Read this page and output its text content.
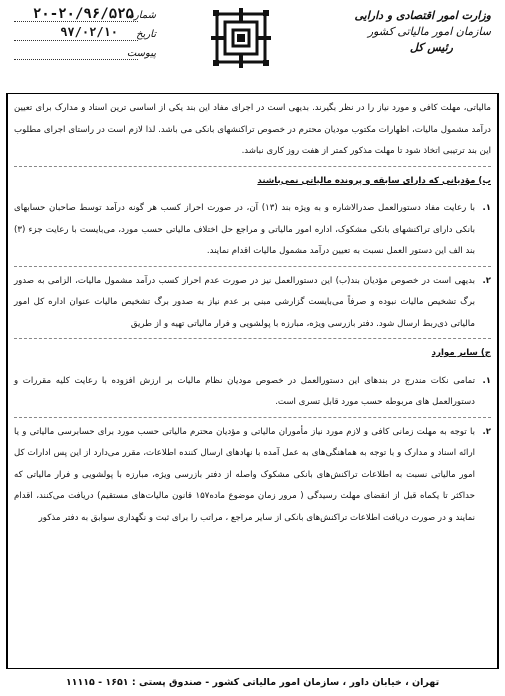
وزارت امور اقتصادی و دارایی
سازمان امور مالیاتی کشور
رئیس کل
شماره
۲۰-۲۰/۹۶/۵۲۵
تاریخ
۹۷/۰۲/۱۰
پیوست

مالیاتی، مهلت کافی و مورد نیاز را در نظر بگیرند. بدیهی است در اجرای مفاد این بند یکی از اساسی ترین اسناد و مدارک برای تعیین درآمد مشمول مالیات، اظهارات مکتوب مودیان محترم در خصوص تراکنشهای بانکی می باشد. لذا لازم است در راستای اجرای مطلوب این بند ترتیبی اتخاذ شود تا مهلت مذکور کمتر از هفت روز کاری نباشد.

ب) مؤدیانی که دارای سابقه و پرونده مالیاتی نمی‌باشند

۱.

با رعایت مفاد دستورالعمل صدرالاشاره و به ویژه بند (۱۳) آن، در صورت احراز کسب هر گونه درآمد توسط صاحبان حسابهای بانکی دارای تراکنشهای بانکی مشکوک، اداره امور مالیاتی و مراجع حل اختلاف مالیاتی حسب مورد، می‌بایست با رعایت جزء (۳) بند الف این دستور العمل نسبت به تعیین درآمد مشمول مالیات اقدام نمایند.

۲.

بدیهی است در خصوص مؤدیان بند(ب) این دستورالعمل نیز در صورت عدم احراز کسب درآمد مشمول مالیات، الزامی به صدور برگ تشخیص مالیات نبوده و صرفاً می‌بایست گزارشی مبنی بر عدم نیاز به صدور برگ تشخیص مالیات عنوان اداره کل امور مالیاتی ذی‌ربط ارسال شود. دفتر بازرسی ویژه، مبارزه با پولشویی و فرار مالیاتی تهیه و از طریق

ج) سایر موارد

۱.

تمامی نکات مندرج در بندهای این دستورالعمل در خصوص مودیان نظام مالیات بر ارزش افزوده با رعایت کلیه مقررات و دستورالعمل های مربوطه حسب مورد قابل تسری است.

۲.

با توجه به مهلت زمانی کافی و لازم مورد نیاز مأموران مالیاتی و مؤدیان محترم مالیاتی حسب مورد برای حسابرسی مالیاتی و یا ارائه اسناد و مدارک و با توجه به هماهنگی‌های به عمل آمده با نهادهای ارسال کننده اطلاعات، مقرر می‌دارد از این پس ادارات کل امور مالیاتی نسبت به اطلاعات تراکنش‌های بانکی مشکوک واصله از دفتر بازرسی ویژه، مبارزه با پولشویی و فرار مالیاتی که حداکثر تا یکماه قبل از انقضای مهلت رسیدگی ( مرور زمان موضوع ماده۱۵۷ قانون مالیات‌های مستقیم) دریافت می‌کنند، اقدام نمایند و در صورت دریافت اطلاعات تراکنش‌های بانکی از سایر مراجع ، مراتب را برای ثبت و نگهداری سوابق به دفتر مذکور

تهران ، خیابان داور ، سازمان امور مالیاتی کشور - صندوق پستی : ۱۶۵۱ - ۱۱۱۱۵
